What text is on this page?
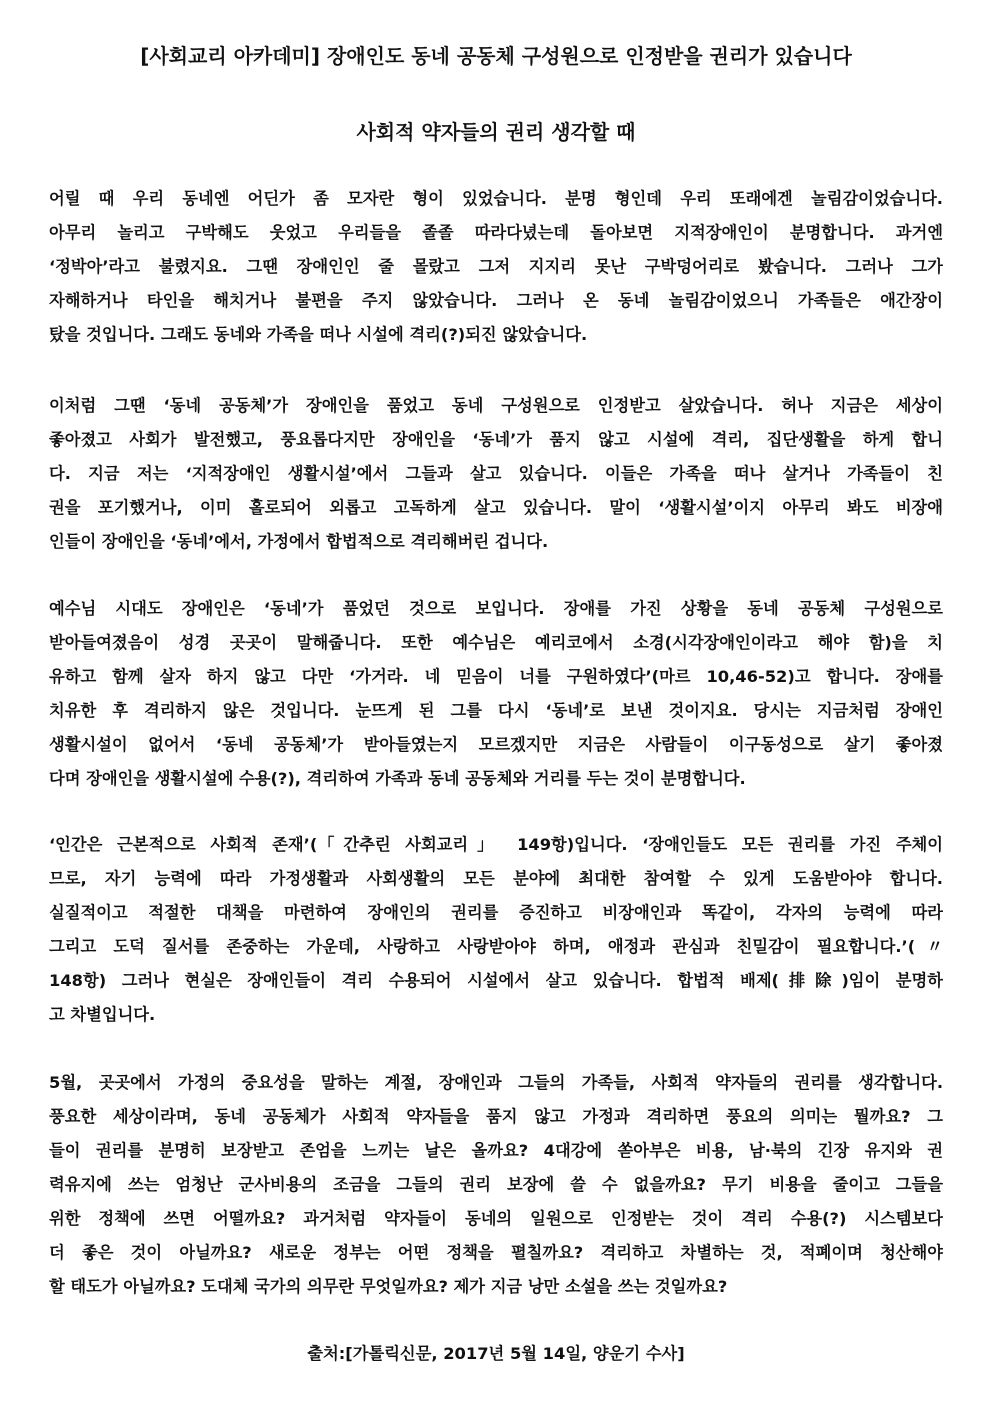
[사회교리 아카데미] 장애인도 동네 공동체 구성원으로 인정받을 권리가 있습니다
사회적 약자들의 권리 생각할 때
어릴 때 우리 동네엔 어딘가 좀 모자란 형이 있었습니다. 분명 형인데 우리 또래에겐 놀림감이었습니다.
아무리 놀리고 구박해도 웃었고 우리들을 졸졸 따라다녔는데 돌아보면 지적장애인이 분명합니다. 과거엔
‘정박아’라고 불렸지요. 그땐 장애인인 줄 몰랐고 그저 지지리 못난 구박덩어리로 봤습니다. 그러나 그가
자해하거나 타인을 해치거나 불편을 주지 않았습니다. 그러나 온 동네 놀림감이었으니 가족들은 애간장이
탔을 것입니다. 그래도 동네와 가족을 떠나 시설에 격리(?)되진 않았습니다.
이처럼 그땐 ‘동네 공동체’가 장애인을 품었고 동네 구성원으로 인정받고 살았습니다. 허나 지금은 세상이
좋아졌고 사회가 발전했고, 풍요롭다지만 장애인을 ‘동네’가 품지 않고 시설에 격리, 집단생활을 하게 합니
다. 지금 저는 ‘지적장애인 생활시설’에서 그들과 살고 있습니다. 이들은 가족을 떠나 살거나 가족들이 친
권을 포기했거나, 이미 홀로되어 외롭고 고독하게 살고 있습니다. 말이 ‘생활시설’이지 아무리 봐도 비장애
인들이 장애인을 ‘동네’에서, 가정에서 합법적으로 격리해버린 겁니다.
예수님 시대도 장애인은 ‘동네’가 품었던 것으로 보입니다. 장애를 가진 상황을 동네 공동체 구성원으로
받아들여졌음이 성경 곳곳이 말해줍니다. 또한 예수님은 예리코에서 소경(시각장애인이라고 해야 함)을 치
유하고 함께 살자 하지 않고 다만 ‘가거라. 네 믿음이 너를 구원하였다’(마르 10,46-52)고 합니다. 장애를
치유한 후 격리하지 않은 것입니다. 눈뜨게 된 그를 다시 ‘동네’로 보낸 것이지요. 당시는 지금처럼 장애인
생활시설이 없어서 ‘동네 공동체’가 받아들였는지 모르겠지만 지금은 사람들이 이구동성으로 살기 좋아졌
다며 장애인을 생활시설에 수용(?), 격리하여 가족과 동네 공동체와 거리를 두는 것이 분명합니다.
‘인간은 근본적으로 사회적 존재’(「간추린 사회교리」 149항)입니다. ‘장애인들도 모든 권리를 가진 주체이
므로, 자기 능력에 따라 가정생활과 사회생활의 모든 분야에 최대한 참여할 수 있게 도움받아야 합니다.
실질적이고 적절한 대책을 마련하여 장애인의 권리를 증진하고 비장애인과 똑같이, 각자의 능력에 따라
그리고 도덕 질서를 존중하는 가운데, 사랑하고 사랑받아야 하며, 애정과 관심과 친밀감이 필요합니다.’(〃
148항) 그러나 현실은 장애인들이 격리 수용되어 시설에서 살고 있습니다. 합법적 배제(排除)임이 분명하
고 차별입니다.
5월, 곳곳에서 가정의 중요성을 말하는 계절, 장애인과 그들의 가족들, 사회적 약자들의 권리를 생각합니다.
풍요한 세상이라며, 동네 공동체가 사회적 약자들을 품지 않고 가정과 격리하면 풍요의 의미는 뭘까요? 그
들이 권리를 분명히 보장받고 존엄을 느끼는 날은 올까요? 4대강에 쏟아부은 비용, 남·북의 긴장 유지와 권
력유지에 쓰는 엄청난 군사비용의 조금을 그들의 권리 보장에 쓸 수 없을까요? 무기 비용을 줄이고 그들을
위한 정책에 쓰면 어떨까요? 과거처럼 약자들이 동네의 일원으로 인정받는 것이 격리 수용(?) 시스템보다
더 좋은 것이 아닐까요? 새로운 정부는 어떤 정책을 펼칠까요? 격리하고 차별하는 것, 적폐이며 청산해야
할 태도가 아닐까요? 도대체 국가의 의무란 무엇일까요? 제가 지금 낭만 소설을 쓰는 것일까요?
출처:[가톨릭신문, 2017년 5월 14일, 양운기 수사]
